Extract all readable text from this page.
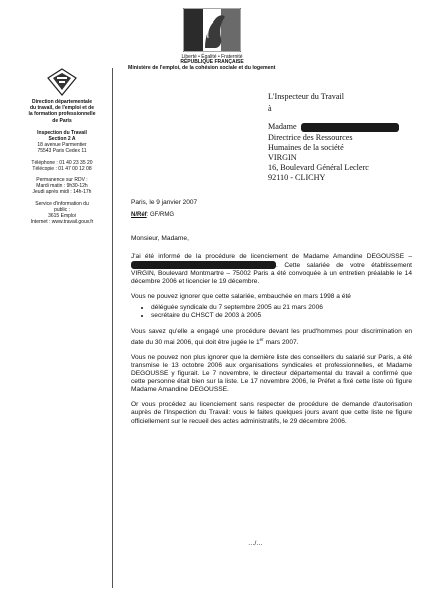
Liberté • Égalité • Fraternité
RÉPUBLIQUE FRANÇAISE
Ministère de l'emploi, de la cohésion sociale et du logement
Direction départementale
du travail, de l'emploi et de
la formation professionnelle
de Paris
Inspection du Travail
Section 2 A
18 avenue Parmentier
75543 Paris Cedex 11
Téléphone : 01 40 23 35 20
Télécopie : 01 47 00 12 08
Permanence sur RDV :
Mardi matin : 9h30-12h
Jeudi après midi : 14h-17h
Service d'information du
public :
3615 Emploi
Internet : www.travail.gouv.fr
L'Inspecteur du Travail
à
Madame
Directrice des Ressources
Humaines de la société
VIRGIN
16, Boulevard Général Leclerc
92110 - CLICHY
Paris, le 9 janvier 2007
N/Réf: GF/RMG

Monsieur, Madame,

J'ai été informé de la procédure de licenciement de Madame Amandine DEGOUSSE – . Cette salariée de votre établissement VIRGIN, Boulevard Montmartre – 75002 Paris a été convoquée à un entretien préalable le 14 décembre 2006 et licencier le 19 décembre.

Vous ne pouvez ignorer que cette salariée, embauchée en mars 1998 a été

• déléguée syndicale du 7 septembre 2005 au 21 mars 2006
• secrétaire du CHSCT de 2003 à 2005

Vous savez qu'elle a engagé une procédure devant les prud'hommes pour discrimination en date du 30 mai 2006, qui doit être jugée le 1er mars 2007.

Vous ne pouvez non plus ignorer que la dernière liste des conseillers du salarié sur Paris, a été transmise le 13 octobre 2006 aux organisations syndicales et professionnelles, et Madame DEGOUSSE y figurait. Le 7 novembre, le directeur départemental du travail a confirmé que cette personne était bien sur la liste. Le 17 novembre 2006, le Préfet a fixé cette liste où figure Madame Amandine DEGOUSSE.

Or vous procédez au licenciement sans respecter de procédure de demande d'autorisation auprès de l'Inspection du Travail: vous le faites quelques jours avant que cette liste ne figure officiellement sur le recueil des actes administratifs, le 29 décembre 2006.

…/…
